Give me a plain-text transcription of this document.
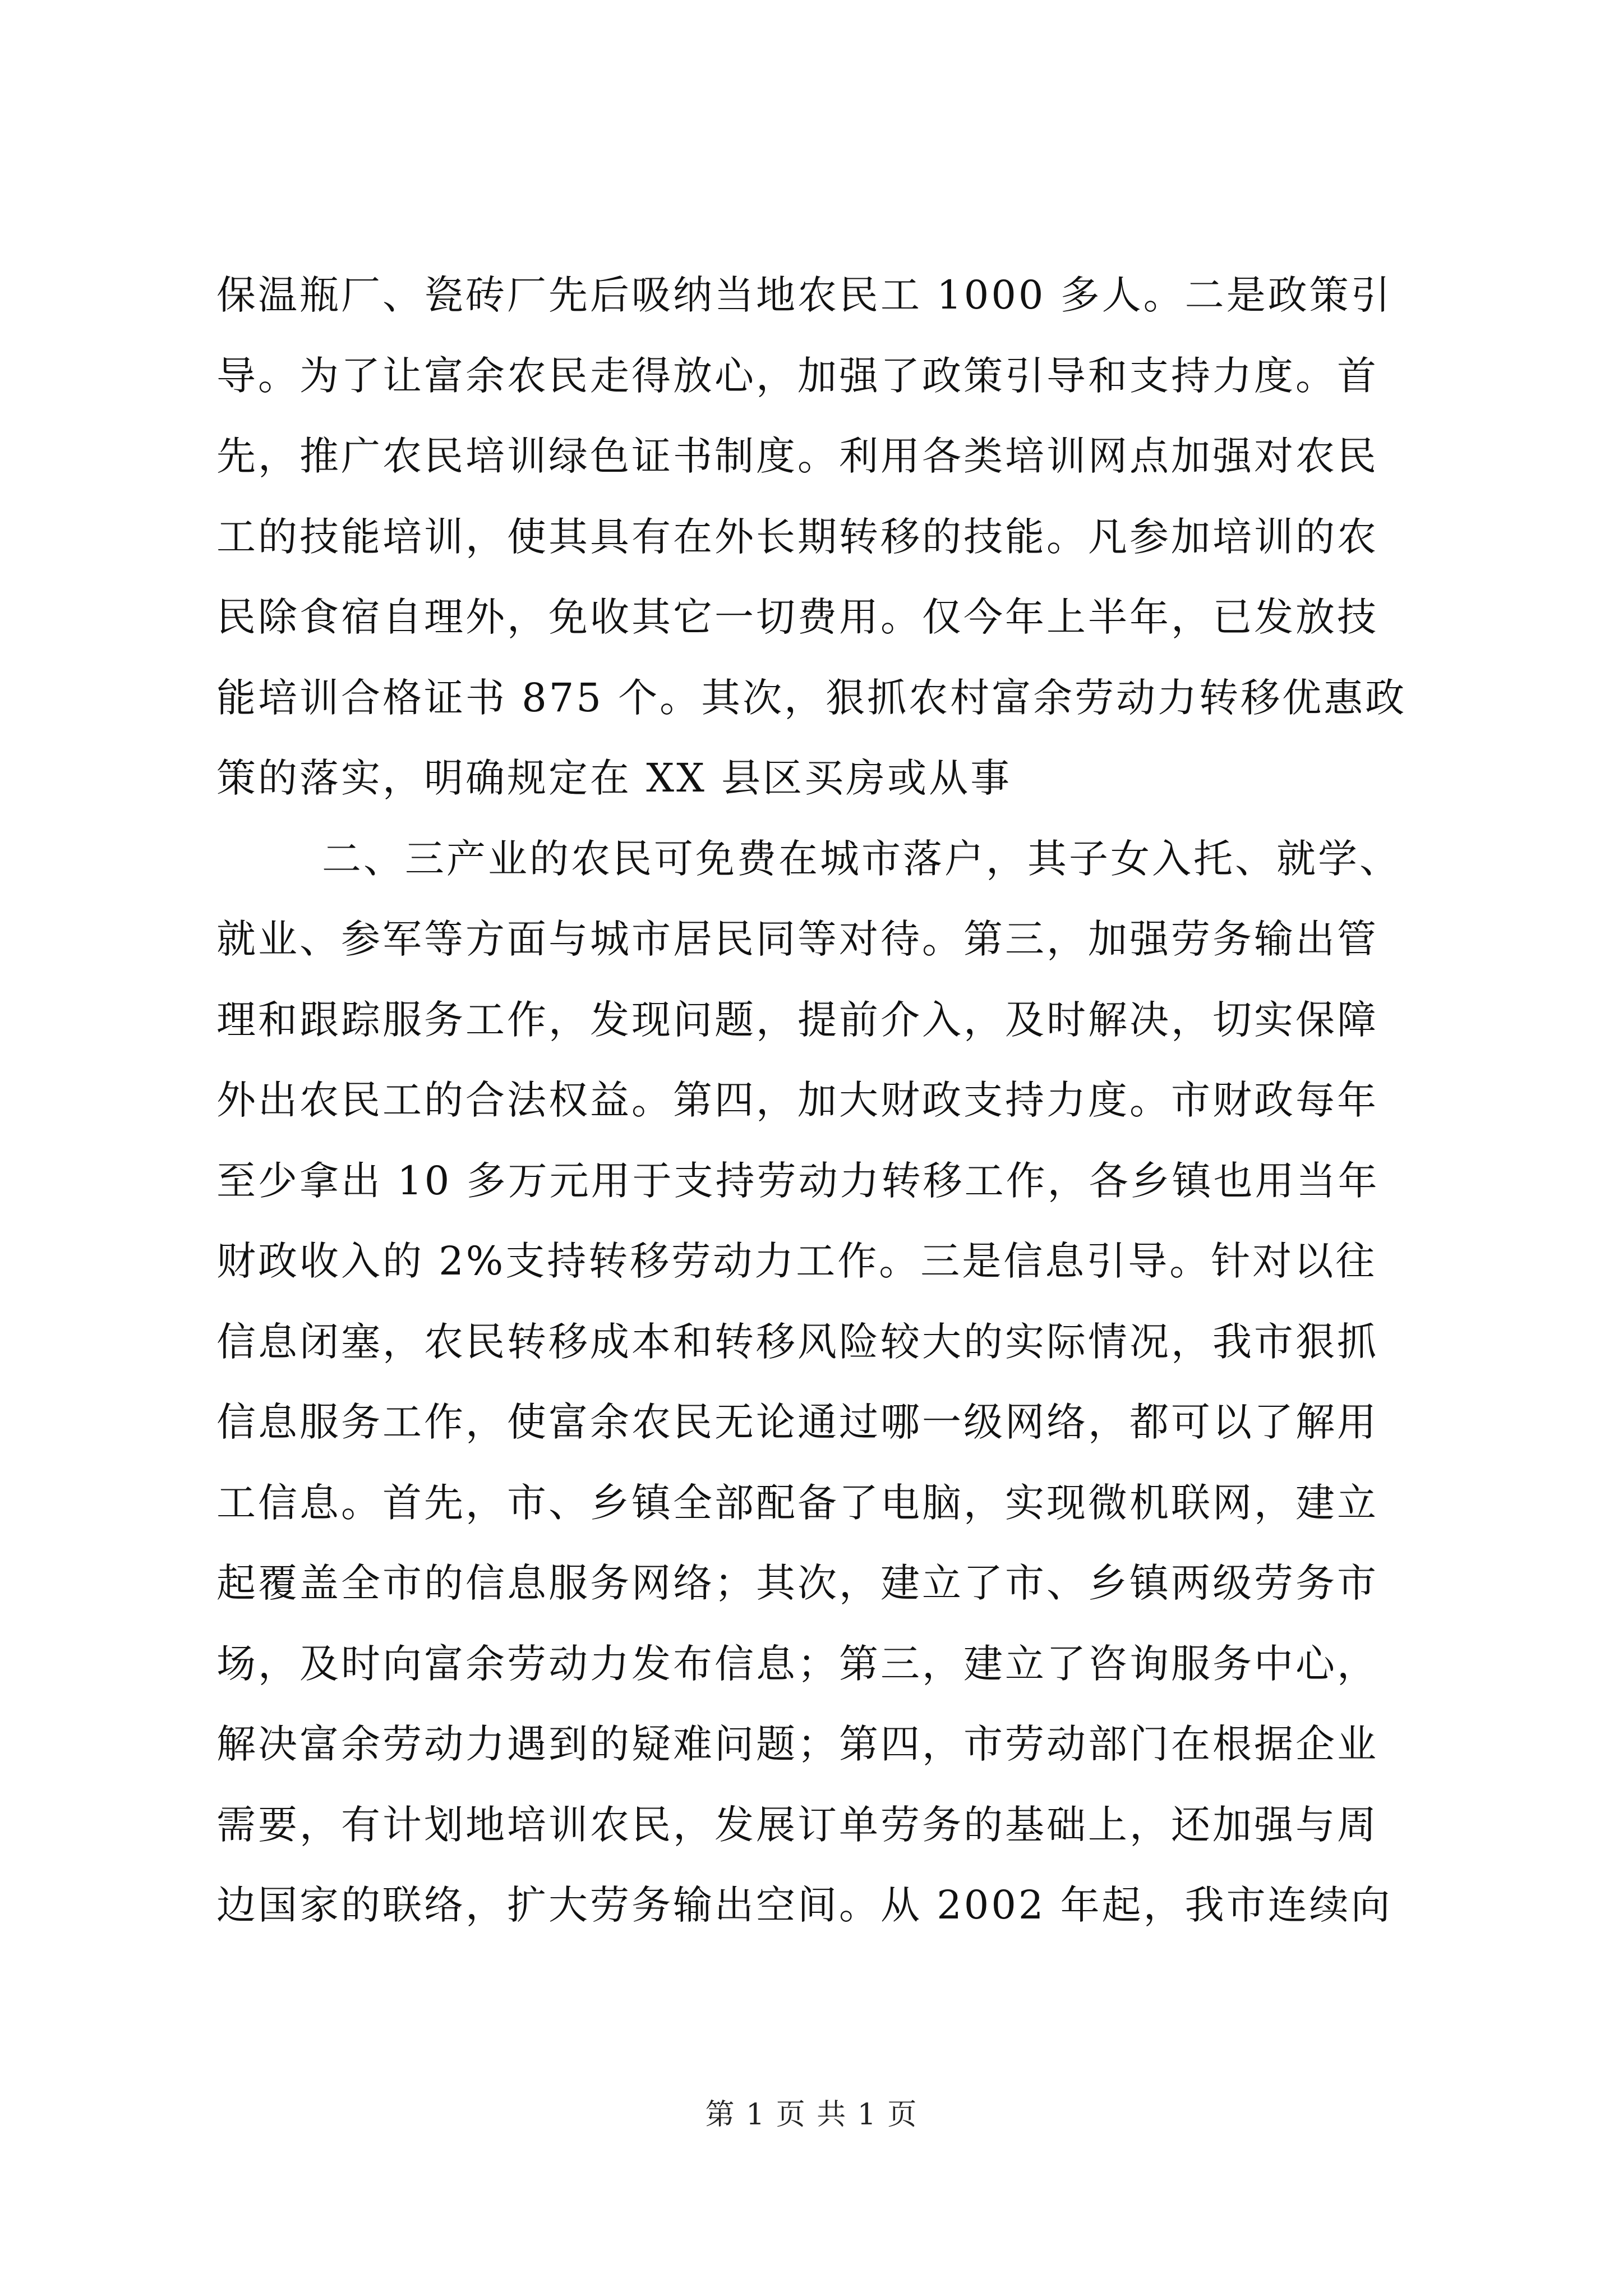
保温瓶厂、瓷砖厂先后吸纳当地农民工 1000 多人。二是政策引
导。为了让富余农民走得放心，加强了政策引导和支持力度。首
先，推广农民培训绿色证书制度。利用各类培训网点加强对农民
工的技能培训，使其具有在外长期转移的技能。凡参加培训的农
民除食宿自理外，免收其它一切费用。仅今年上半年，已发放技
能培训合格证书 875 个。其次，狠抓农村富余劳动力转移优惠政
策的落实，明确规定在 XX 县区买房或从事
二、三产业的农民可免费在城市落户，其子女入托、就学、
就业、参军等方面与城市居民同等对待。第三，加强劳务输出管
理和跟踪服务工作，发现问题，提前介入，及时解决，切实保障
外出农民工的合法权益。第四，加大财政支持力度。市财政每年
至少拿出 10 多万元用于支持劳动力转移工作，各乡镇也用当年
财政收入的 2%支持转移劳动力工作。三是信息引导。针对以往
信息闭塞，农民转移成本和转移风险较大的实际情况，我市狠抓
信息服务工作，使富余农民无论通过哪一级网络，都可以了解用
工信息。首先，市、乡镇全部配备了电脑，实现微机联网，建立
起覆盖全市的信息服务网络；其次，建立了市、乡镇两级劳务市
场，及时向富余劳动力发布信息；第三，建立了咨询服务中心，
解决富余劳动力遇到的疑难问题；第四，市劳动部门在根据企业
需要，有计划地培训农民，发展订单劳务的基础上，还加强与周
边国家的联络，扩大劳务输出空间。从 2002 年起，我市连续向
第 1 页 共 1 页
